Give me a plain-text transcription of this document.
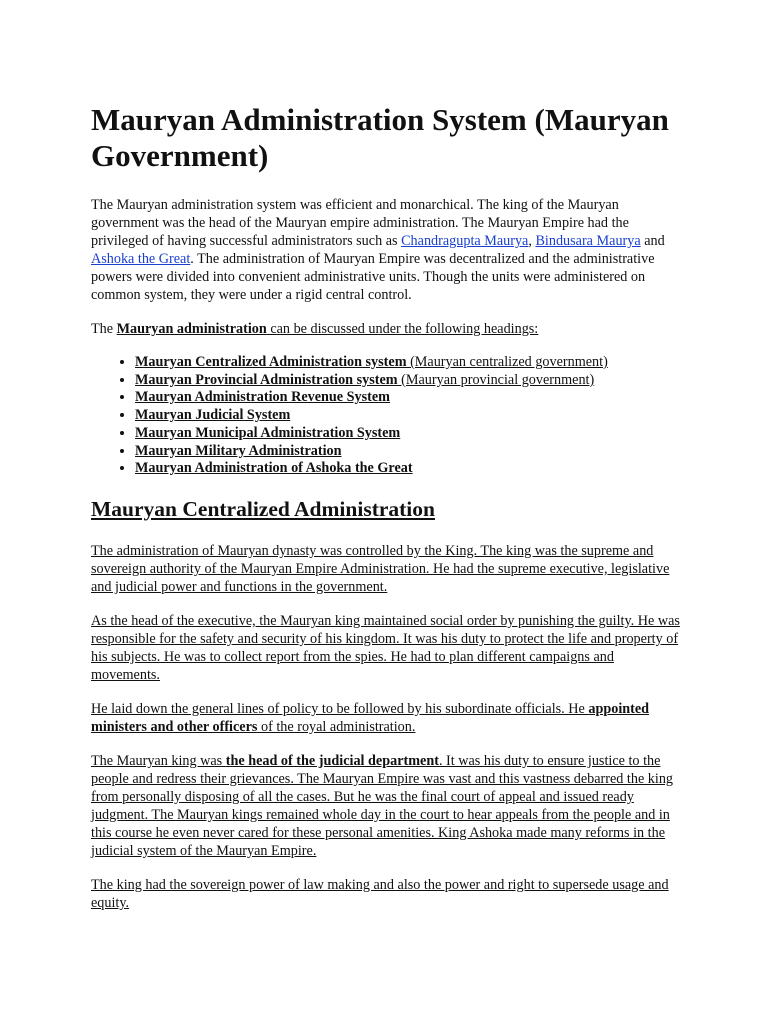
Mauryan Administration System (Mauryan Government)

The Mauryan administration system was efficient and monarchical. The king of the Mauryan government was the head of the Mauryan empire administration. The Mauryan Empire had the privileged of having successful administrators such as Chandragupta Maurya, Bindusara Maurya and Ashoka the Great. The administration of Mauryan Empire was decentralized and the administrative powers were divided into convenient administrative units. Though the units were administered on common system, they were under a rigid central control.

The Mauryan administration can be discussed under the following headings:

• Mauryan Centralized Administration system (Mauryan centralized government)
• Mauryan Provincial Administration system (Mauryan provincial government)
• Mauryan Administration Revenue System
• Mauryan Judicial System
• Mauryan Municipal Administration System
• Mauryan Military Administration
• Mauryan Administration of Ashoka the Great
Mauryan Centralized Administration

The administration of Mauryan dynasty was controlled by the King. The king was the supreme and sovereign authority of the Mauryan Empire Administration. He had the supreme executive, legislative and judicial power and functions in the government.

As the head of the executive, the Mauryan king maintained social order by punishing the guilty. He was responsible for the safety and security of his kingdom. It was his duty to protect the life and property of his subjects. He was to collect report from the spies. He had to plan different campaigns and movements.

He laid down the general lines of policy to be followed by his subordinate officials. He appointed ministers and other officers of the royal administration.

The Mauryan king was the head of the judicial department. It was his duty to ensure justice to the people and redress their grievances. The Mauryan Empire was vast and this vastness debarred the king from personally disposing of all the cases. But he was the final court of appeal and issued ready judgment. The Mauryan kings remained whole day in the court to hear appeals from the people and in this course he even never cared for these personal amenities. King Ashoka made many reforms in the judicial system of the Mauryan Empire.

The king had the sovereign power of law making and also the power and right to supersede usage and equity.
